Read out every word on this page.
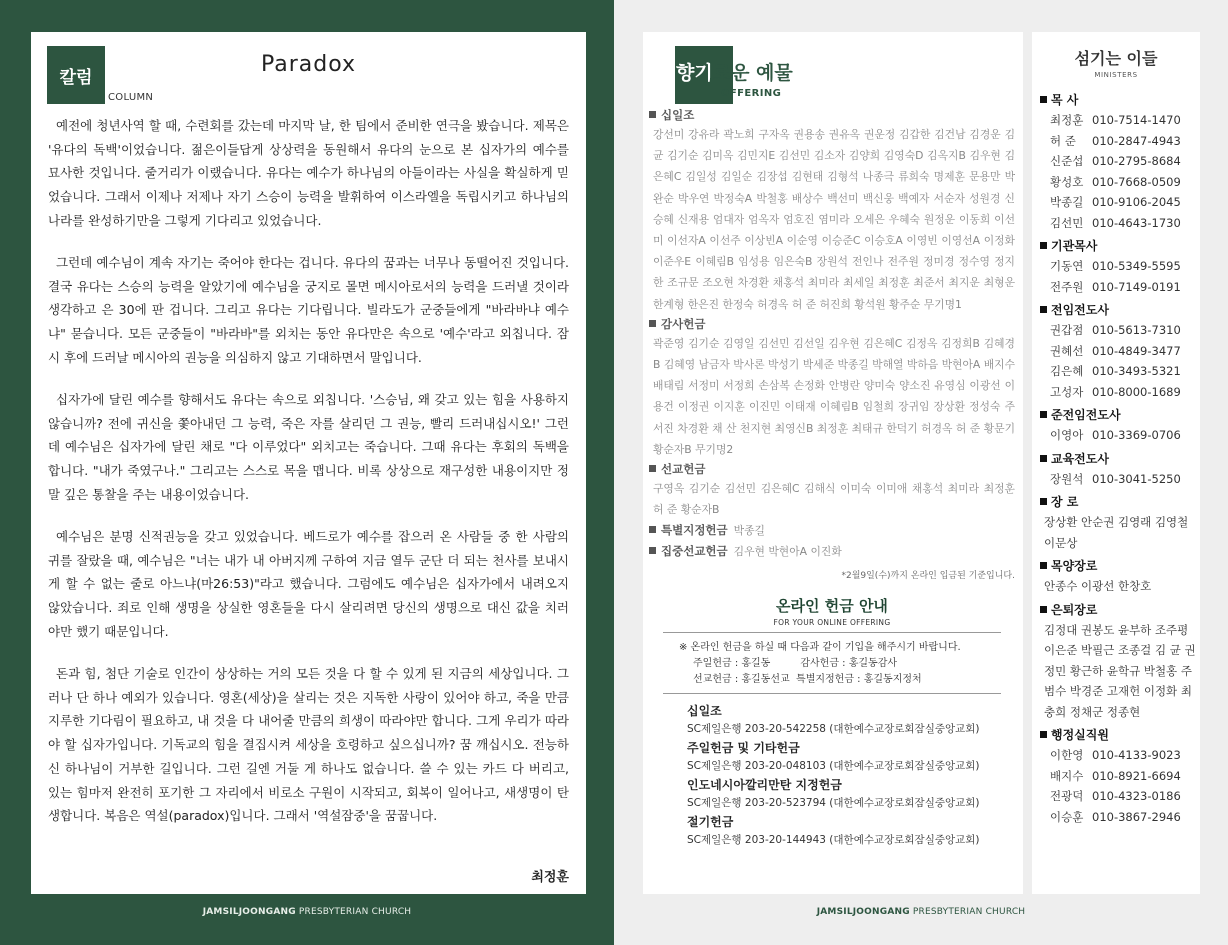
칼럼
COLUMN
Paradox

예전에 청년사역 할 때, 수련회를 갔는데 마지막 날, 한 팀에서 준비한 연극을 봤습니다. 제목은 '유다의 독백'이었습니다. 젊은이들답게 상상력을 동원해서 유다의 눈으로 본 십자가의 예수를 묘사한 것입니다. 줄거리가 이랬습니다. 유다는 예수가 하나님의 아들이라는 사실을 확실하게 믿었습니다. 그래서 이제나 저제나 자기 스승이 능력을 발휘하여 이스라엘을 독립시키고 하나님의 나라를 완성하기만을 그렇게 기다리고 있었습니다.

그런데 예수님이 계속 자기는 죽어야 한다는 겁니다. 유다의 꿈과는 너무나 동떨어진 것입니다. 결국 유다는 스승의 능력을 알았기에 예수님을 궁지로 몰면 메시아로서의 능력을 드러낼 것이라 생각하고 은 30에 판 겁니다. 그리고 유다는 기다립니다. 빌라도가 군중들에게 "바라바냐 예수냐" 묻습니다. 모든 군중들이 "바라바"를 외치는 동안 유다만은 속으로 '예수'라고 외칩니다. 잠시 후에 드러날 메시아의 권능을 의심하지 않고 기대하면서 말입니다.

십자가에 달린 예수를 향해서도 유다는 속으로 외칩니다. '스승님, 왜 갖고 있는 힘을 사용하지 않습니까? 전에 귀신을 쫓아내던 그 능력, 죽은 자를 살리던 그 권능, 빨리 드러내십시오!' 그런데 예수님은 십자가에 달린 채로 "다 이루었다" 외치고는 죽습니다. 그때 유다는 후회의 독백을 합니다. "내가 죽였구나." 그리고는 스스로 목을 맵니다. 비록 상상으로 재구성한 내용이지만 정말 깊은 통찰을 주는 내용이었습니다.

예수님은 분명 신적권능을 갖고 있었습니다. 베드로가 예수를 잡으러 온 사람들 중 한 사람의 귀를 잘랐을 때, 예수님은 "너는 내가 내 아버지께 구하여 지금 열두 군단 더 되는 천사를 보내시게 할 수 없는 줄로 아느냐(마26:53)"라고 했습니다. 그럼에도 예수님은 십자가에서 내려오지 않았습니다. 죄로 인해 생명을 상실한 영혼들을 다시 살리려면 당신의 생명으로 대신 값을 치러야만 했기 때문입니다.

돈과 힘, 첨단 기술로 인간이 상상하는 거의 모든 것을 다 할 수 있게 된 지금의 세상입니다. 그러나 단 하나 예외가 있습니다. 영혼(세상)을 살리는 것은 지독한 사랑이 있어야 하고, 죽을 만큼 지루한 기다림이 필요하고, 내 것을 다 내어줄 만큼의 희생이 따라야만 합니다. 그게 우리가 따라야 할 십자가입니다. 기독교의 힘을 결집시켜 세상을 호령하고 싶으십니까? 꿈 깨십시오. 전능하신 하나님이 거부한 길입니다. 그런 길엔 거둘 게 하나도 없습니다. 쓸 수 있는 카드 다 버리고, 있는 힘마저 완전히 포기한 그 자리에서 비로소 구원이 시작되고, 회복이 일어나고, 새생명이 탄생합니다. 복음은 역설(paradox)입니다. 그래서 '역설잠중'을 꿈꿉니다.

최정훈
JAMSILJOONGANG PRESBYTERIAN CHURCH
향기로운 예물
OFFERING
십일조
강선미 강유라 곽노희 구자옥 권용송 권유옥 권운정 김갑한 김건남 김경운 김 균 김기순 김미옥 김민지E 김선민 김소자 김양희 김영숙D 김옥지B 김우현 김은혜C 김일성 김일순 김장섭 김현태 김형석 나종극 류희숙 명제훈 문용만 박완순 박우연 박정숙A 박철홍 배상수 백선미 백신웅 백예자 서순자 성원경 신승혜 신재용 엄대자 엄옥자 엄호진 염미라 오세은 우혜숙 원정운 이동희 이선미 이선자A 이선주 이상빈A 이순영 이승준C 이승호A 이영빈 이영선A 이정화 이준우E 이혜림B 임성용 임은숙B 장원석 전인나 전주원 정미경 정수영 정지한 조규문 조오현 차경환 채홍석 최미라 최세일 최정훈 최준서 최지운 최형운 한계형 한은진 한정숙 허경옥 허 준 허진희 황석원 황주순 무기명1
감사헌금
곽준영 김기순 김영일 김선민 김선일 김우현 김은혜C 김정옥 김정희B 김혜경B 김혜영 남금자 박사론 박성기 박세준 박종길 박해열 박하음 박현아A 배지수 배태림 서정미 서정희 손삼복 손정화 안병란 양미숙 양소진 유영심 이광선 이용건 이정권 이지훈 이진민 이태재 이혜림B 임철희 장귀임 장상환 정성숙 주서진 차경환 채 산 천지현 최영신B 최정훈 최태규 한덕기 허경옥 허 준 황문기 황순자B 무기명2
선교헌금
구영옥 김기순 김선민 김은혜C 김해식 이미숙 이미애 채홍석 최미라 최정훈 허 준 황순자B
특별지정헌금 박종길
집중선교헌금 김우현 박현아A 이진화
*2월9일(수)까지 온라인 입금된 기준입니다.
온라인 헌금 안내
FOR YOUR ONLINE OFFERING
※ 온라인 헌금을 하실 때 다음과 같이 기입을 해주시기 바랍니다.
주일헌금 : 홍길동	감사헌금 : 홍길동감사
선교헌금 : 홍길동선교 특별지정헌금 : 홍길동지정처
십일조
SC제일은행 203-20-542258 (대한예수교장로회잠실중앙교회)
주일헌금 및 기타헌금
SC제일은행 203-20-048103 (대한예수교장로회잠실중앙교회)
인도네시아깔리만탄 지정헌금
SC제일은행 203-20-523794 (대한예수교장로회잠실중앙교회)
절기헌금
SC제일은행 203-20-144943 (대한예수교장로회잠실중앙교회)
섬기는 이들
MINISTERS
목 사
최정훈 010-7514-1470
허 준 010-2847-4943
신준섭 010-2795-8684
황성호 010-7668-0509
박종길 010-9106-2045
김선민 010-4643-1730
기관목사
기동연 010-5349-5595
전주원 010-7149-0191
전임전도사
권갑점 010-5613-7310
권혜선 010-4849-3477
김은혜 010-3493-5321
고성자 010-8000-1689
준전임전도사
이영아 010-3369-0706
교육전도사
장원석 010-3041-5250
장 로
장상환 안순권 김영래 김영철 이문상
목양장로
안종수 이광선 한창호
은퇴장로
김정대 권봉도 윤부하 조주평 이은준 박필근 조종걸 김 균 권정민 황근하 윤학규 박철홍 주범수 박경준 고재헌 이정화 최충희 정채군 정종현
행정실직원
이한영 010-4133-9023
배지수 010-8921-6694
전광덕 010-4323-0186
이승훈 010-3867-2946
JAMSILJOONGANG PRESBYTERIAN CHURCH
